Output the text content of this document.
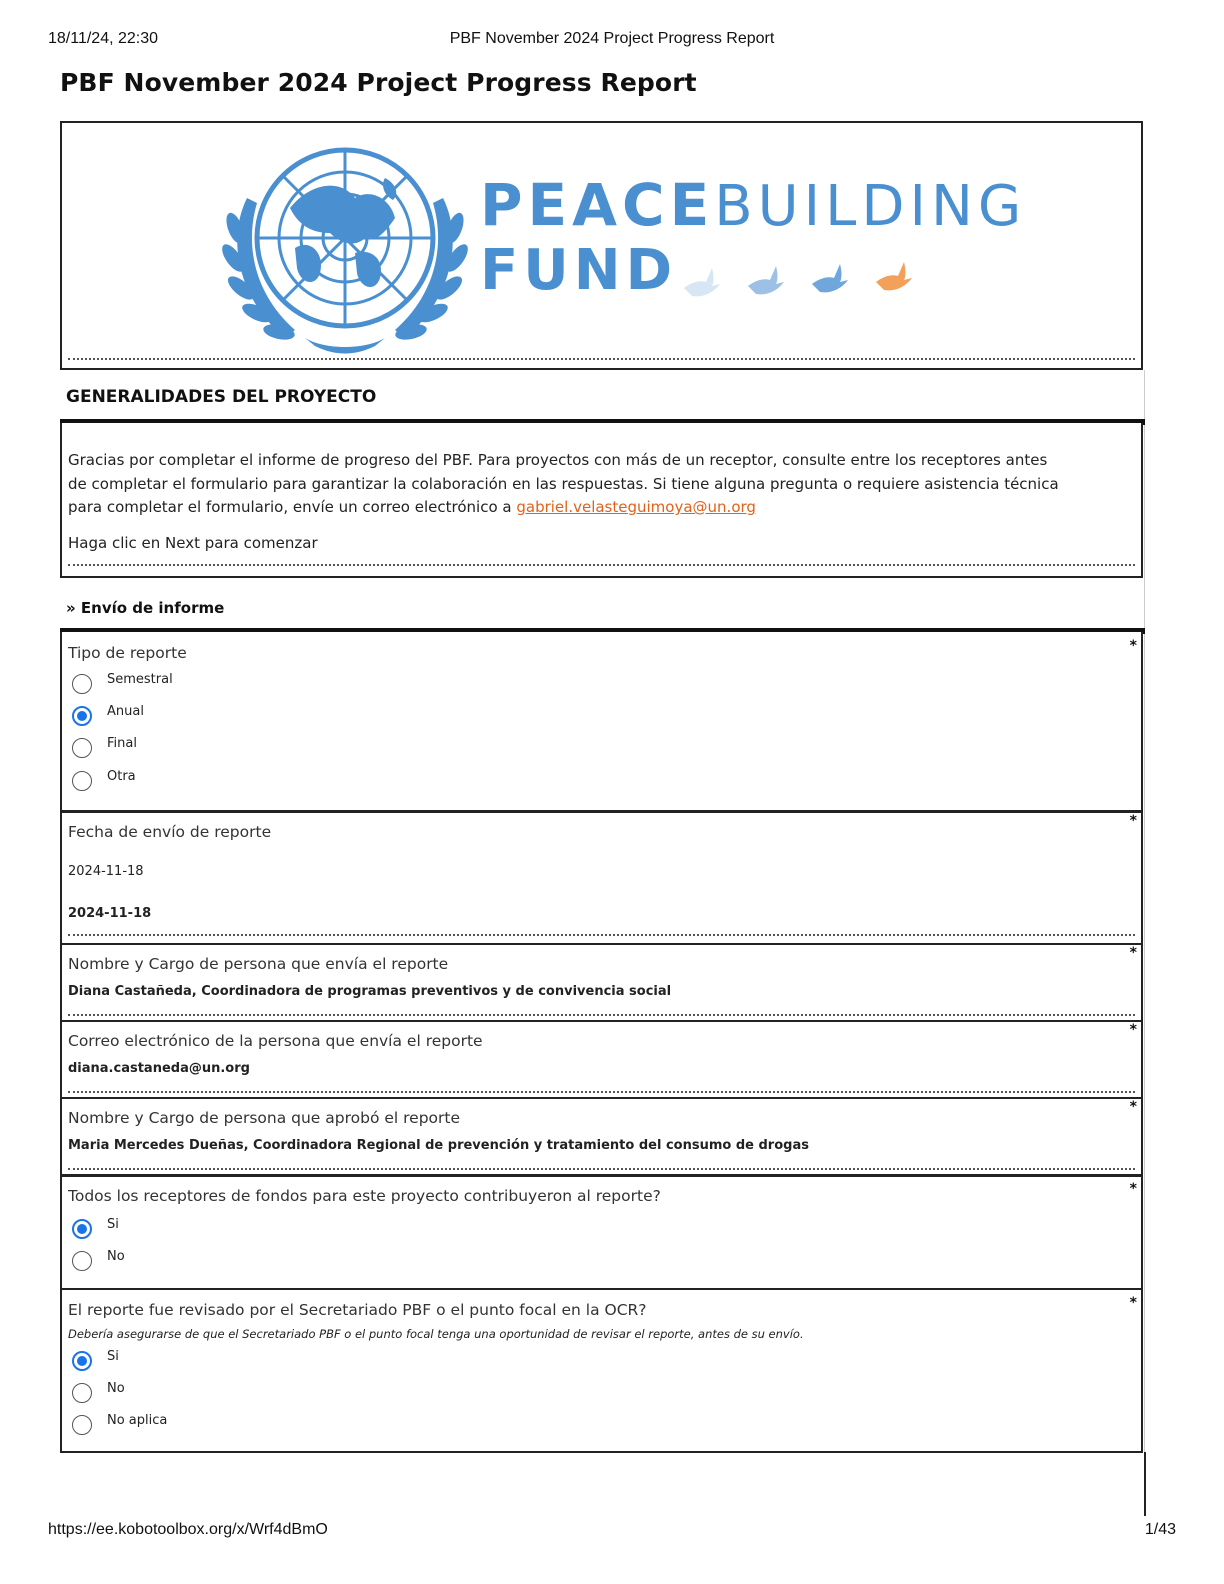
18/11/24, 22:30	PBF November 2024 Project Progress Report
PBF November 2024 Project Progress Report
PEACEBUILDING
FUND
GENERALIDADES DEL PROYECTO
Gracias por completar el informe de progreso del PBF. Para proyectos con más de un receptor, consulte entre los receptores antes de completar el formulario para garantizar la colaboración en las respuestas. Si tiene alguna pregunta o requiere asistencia técnica para completar el formulario, envíe un correo electrónico a gabriel.velasteguimoya@un.org
Haga clic en Next para comenzar
» Envío de informe
Tipo de reporte	*
Semestral
Anual
Final
Otra
Fecha de envío de reporte
*
2024-11-18
2024-11-18
Nombre y Cargo de persona que envía el reporte
*
Diana Castañeda, Coordinadora de programas preventivos y de convivencia social
Correo electrónico de la persona que envía el reporte
*
diana.castaneda@un.org
Nombre y Cargo de persona que aprobó el reporte
*
Maria Mercedes Dueñas, Coordinadora Regional de prevención y tratamiento del consumo de drogas
Todos los receptores de fondos para este proyecto contribuyeron al reporte?	*
Si
No
El reporte fue revisado por el Secretariado PBF o el punto focal en la OCR?	*
Debería asegurarse de que el Secretariado PBF o el punto focal tenga una oportunidad de revisar el reporte, antes de su envío.
Si
No
No aplica
https://ee.kobotoolbox.org/x/Wrf4dBmO	1/43
